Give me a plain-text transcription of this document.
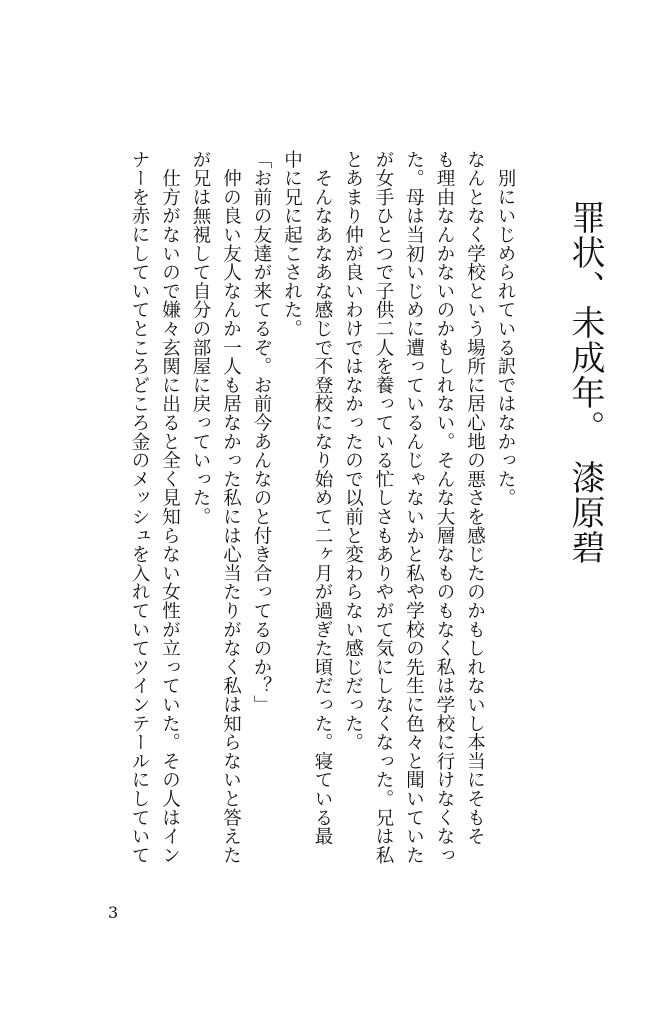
罪状、未成年。
漆原碧
　別にいじめられている訳ではなかった。
なんとなく学校という場所に居心地の悪さを感じたのかもしれないし本当にそもそ
も理由なんかないのかもしれない。そんな大層なものもなく私は学校に行けなくなっ
た。母は当初いじめに遭っているんじゃないかと私や学校の先生に色々と聞いていた
が女手ひとつで子供二人を養っている忙しさもありやがて気にしなくなった。兄は私
とあまり仲が良いわけではなかったので以前と変わらない感じだった。
　そんなあなあな感じで不登校になり始めて二ヶ月が過ぎた頃だった。寝ている最
中に兄に起こされた。
「お前の友達が来てるぞ。お前今あんなのと付き合ってるのか？」
　仲の良い友人なんか一人も居なかった私には心当たりがなく私は知らないと答えた
が兄は無視して自分の部屋に戻っていった。
　仕方がないので嫌々玄関に出ると全く見知らない女性が立っていた。その人はイン
ナーを赤にしていてところどころ金のメッシュを入れていてツインテールにしていて
3
